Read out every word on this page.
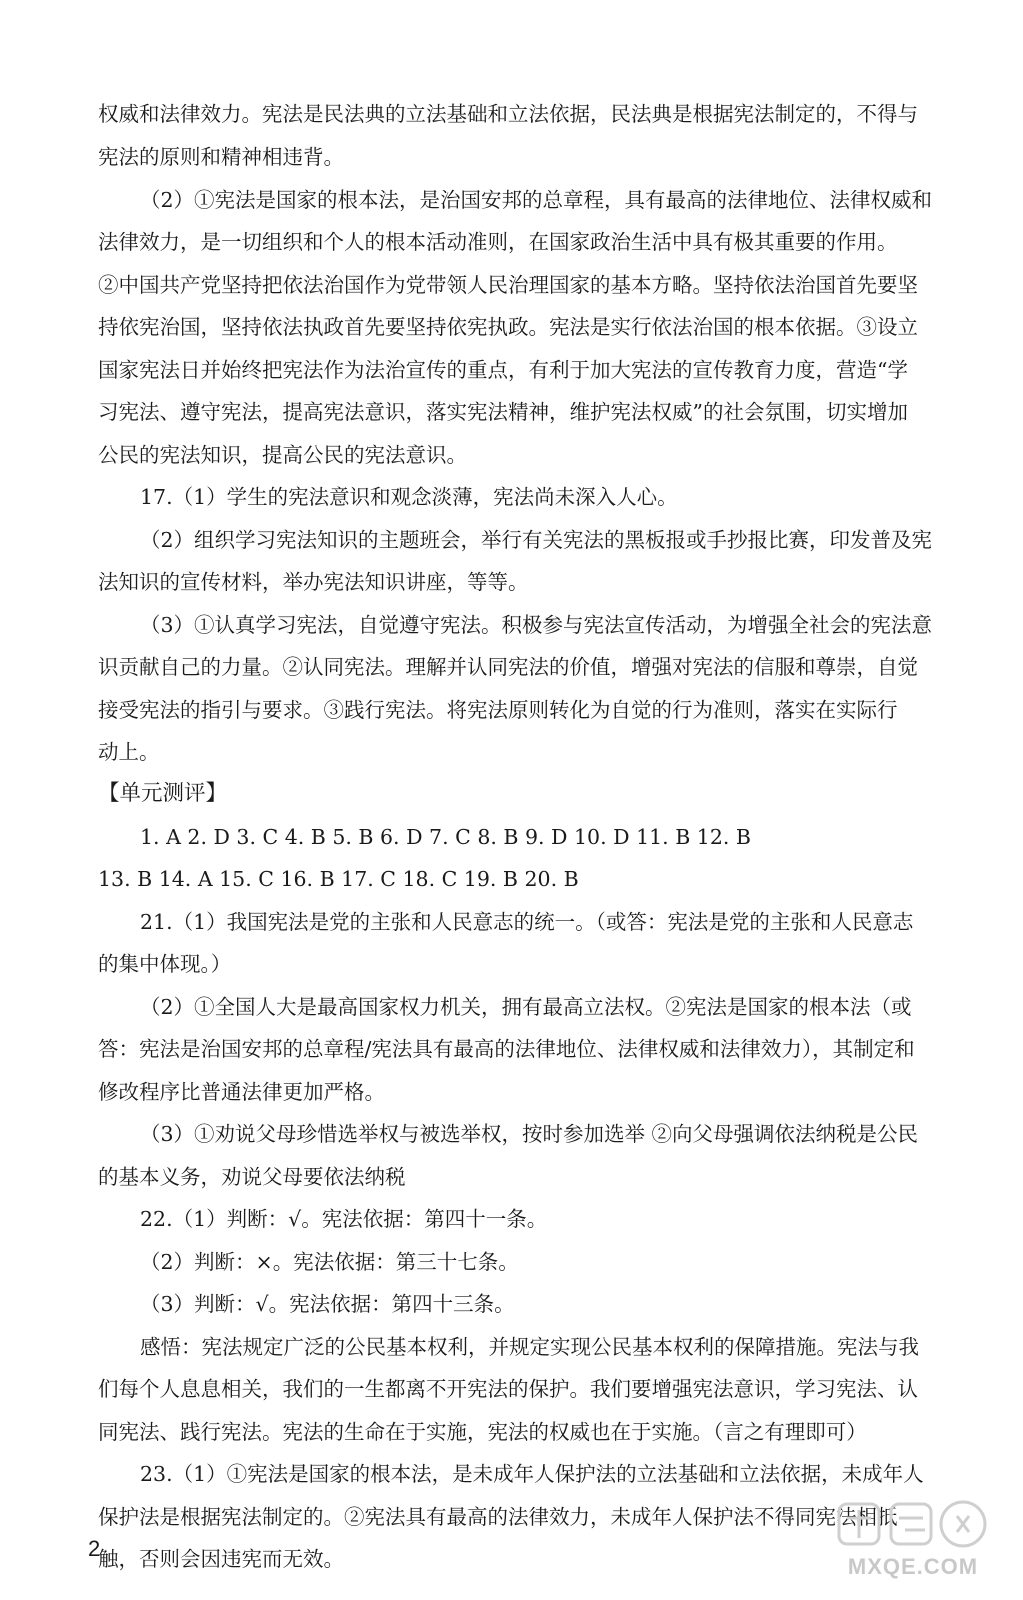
权威和法律效力。宪法是民法典的立法基础和立法依据，民法典是根据宪法制定的，不得与
宪法的原则和精神相违背。
（2）①宪法是国家的根本法，是治国安邦的总章程，具有最高的法律地位、法律权威和
法律效力，是一切组织和个人的根本活动准则，在国家政治生活中具有极其重要的作用。
②中国共产党坚持把依法治国作为党带领人民治理国家的基本方略。坚持依法治国首先要坚
持依宪治国，坚持依法执政首先要坚持依宪执政。宪法是实行依法治国的根本依据。③设立
国家宪法日并始终把宪法作为法治宣传的重点，有利于加大宪法的宣传教育力度，营造“学
习宪法、遵守宪法，提高宪法意识，落实宪法精神，维护宪法权威”的社会氛围，切实增加
公民的宪法知识，提高公民的宪法意识。
17.（1）学生的宪法意识和观念淡薄，宪法尚未深入人心。
（2）组织学习宪法知识的主题班会，举行有关宪法的黑板报或手抄报比赛，印发普及宪
法知识的宣传材料，举办宪法知识讲座，等等。
（3）①认真学习宪法，自觉遵守宪法。积极参与宪法宣传活动，为增强全社会的宪法意
识贡献自己的力量。②认同宪法。理解并认同宪法的价值，增强对宪法的信服和尊崇，自觉
接受宪法的指引与要求。③践行宪法。将宪法原则转化为自觉的行为准则，落实在实际行
动上。
【单元测评】
1. A 2. D 3. C 4. B 5. B 6. D 7. C 8. B 9. D 10. D 11. B 12. B
13. B 14. A 15. C 16. B 17. C 18. C 19. B 20. B
21.（1）我国宪法是党的主张和人民意志的统一。（或答：宪法是党的主张和人民意志
的集中体现。）
（2）①全国人大是最高国家权力机关，拥有最高立法权。②宪法是国家的根本法（或
答：宪法是治国安邦的总章程/宪法具有最高的法律地位、法律权威和法律效力），其制定和
修改程序比普通法律更加严格。
（3）①劝说父母珍惜选举权与被选举权，按时参加选举 ②向父母强调依法纳税是公民
的基本义务，劝说父母要依法纳税
22.（1）判断：√。宪法依据：第四十一条。
（2）判断：×。宪法依据：第三十七条。
（3）判断：√。宪法依据：第四十三条。
感悟：宪法规定广泛的公民基本权利，并规定实现公民基本权利的保障措施。宪法与我
们每个人息息相关，我们的一生都离不开宪法的保护。我们要增强宪法意识，学习宪法、认
同宪法、践行宪法。宪法的生命在于实施，宪法的权威也在于实施。（言之有理即可）
23.（1）①宪法是国家的根本法，是未成年人保护法的立法基础和立法依据，未成年人
保护法是根据宪法制定的。②宪法具有最高的法律效力，未成年人保护法不得同宪法相抵
触，否则会因违宪而无效。
2
MXQE.COM
